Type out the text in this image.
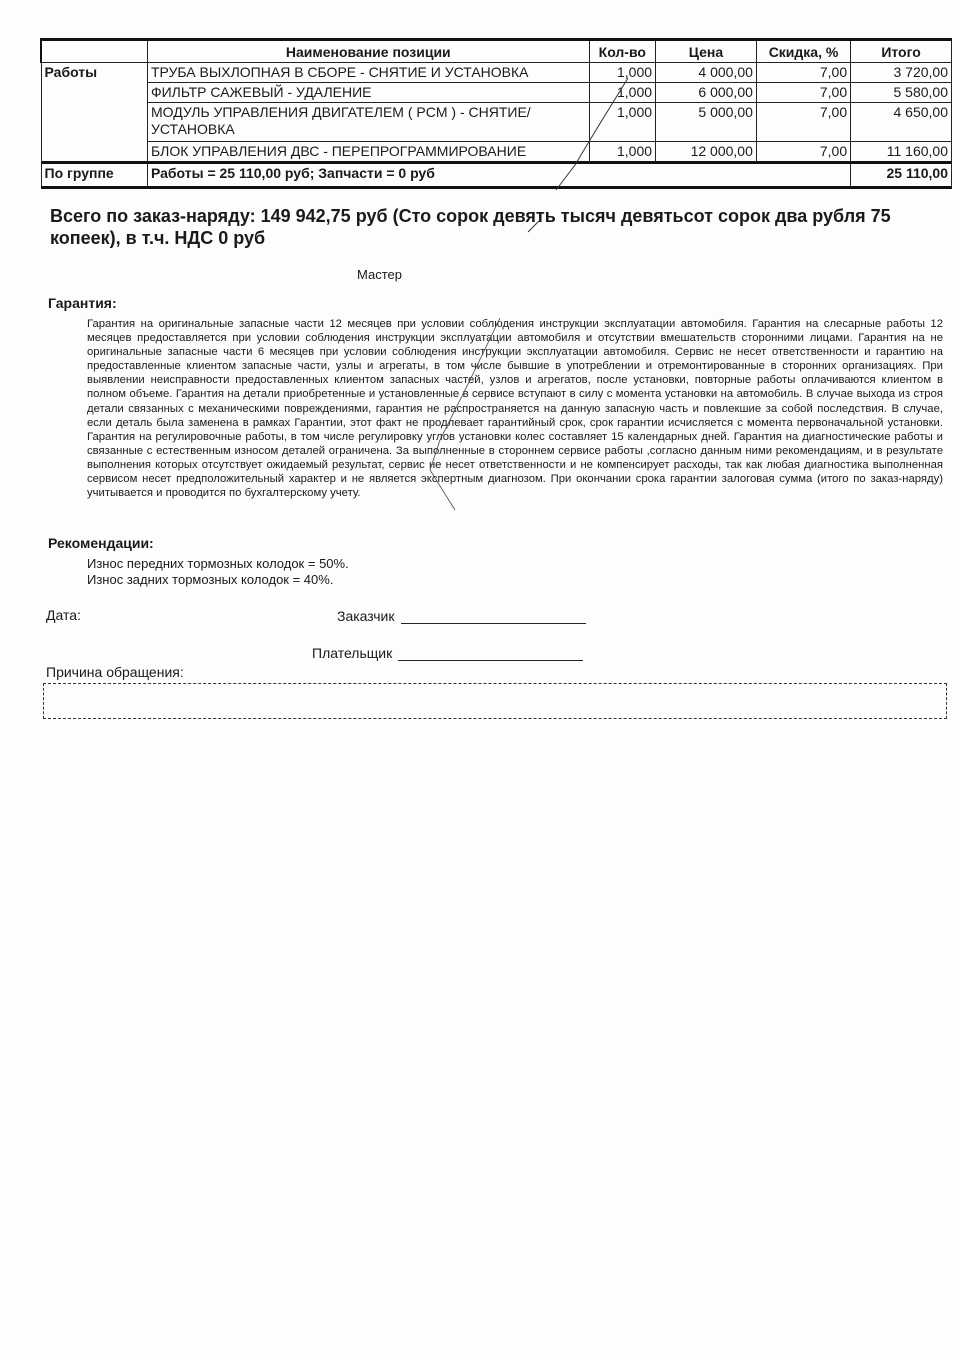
	Наименование позиции	Кол-во	Цена	Скидка, %	Итого
Работы	ТРУБА ВЫХЛОПНАЯ В СБОРЕ - СНЯТИЕ И УСТАНОВКА	1,000	4 000,00	7,00	3 720,00
	ФИЛЬТР САЖЕВЫЙ - УДАЛЕНИЕ	1,000	6 000,00	7,00	5 580,00
	МОДУЛЬ УПРАВЛЕНИЯ ДВИГАТЕЛЕМ ( PCM ) - СНЯТИЕ/УСТАНОВКА	1,000	5 000,00	7,00	4 650,00
	БЛОК УПРАВЛЕНИЯ ДВС - ПЕРЕПРОГРАММИРОВАНИЕ	1,000	12 000,00	7,00	11 160,00
По группе	Работы = 25 110,00 руб; Запчасти = 0 руб				25 110,00
Всего по заказ-наряду: 149 942,75 руб (Сто сорок девять тысяч девятьсот сорок два рубля 75 копеек), в т.ч. НДС 0 руб
Мастер
Гарантия:
Гарантия на оригинальные запасные части 12 месяцев при условии соблюдения инструкции эксплуатации автомобиля. Гарантия на слесарные работы 12 месяцев предоставляется при условии соблюдения инструкции эксплуатации автомобиля и отсутствии вмешательств сторонними лицами. Гарантия на не оригинальные запасные части 6 месяцев при условии соблюдения инструкции эксплуатации автомобиля. Сервис не несет ответственности и гарантию на предоставленные клиентом запасные части, узлы и агрегаты, в том числе бывшие в употреблении и отремонтированные в сторонних организациях. При выявлении неисправности предоставленных клиентом запасных частей, узлов и агрегатов, после установки, повторные работы оплачиваются клиентом в полном объеме. Гарантия на детали приобретенные и установленные в сервисе вступают в силу с момента установки на автомобиль. В случае выхода из строя детали связанных с механическими повреждениями, гарантия не распространяется на данную запасную часть и повлекшие за собой последствия. В случае, если деталь была заменена в рамках Гарантии, этот факт не продлевает гарантийный срок, срок гарантии исчисляется с момента первоначальной установки. Гарантия на регулировочные работы, в том числе регулировку углов установки колес составляет 15 календарных дней. Гарантия на диагностические работы и связанные с естественным износом деталей ограничена. За выполненные в стороннем сервисе работы ,согласно данным ними рекомендациям, и в результате выполнения которых отсутствует ожидаемый результат, сервис не несет ответственности и не компенсирует расходы, так как любая диагностика выполненная сервисом несет предположительный характер и не является экспертным диагнозом. При окончании срока гарантии залоговая сумма (итого по заказ-наряду) учитывается и проводится по бухгалтерскому учету.
Рекомендации:
Износ передних тормозных колодок = 50%.
Износ задних тормозных колодок = 40%.
Дата:	Заказчик
Плательщик
Причина обращения:
